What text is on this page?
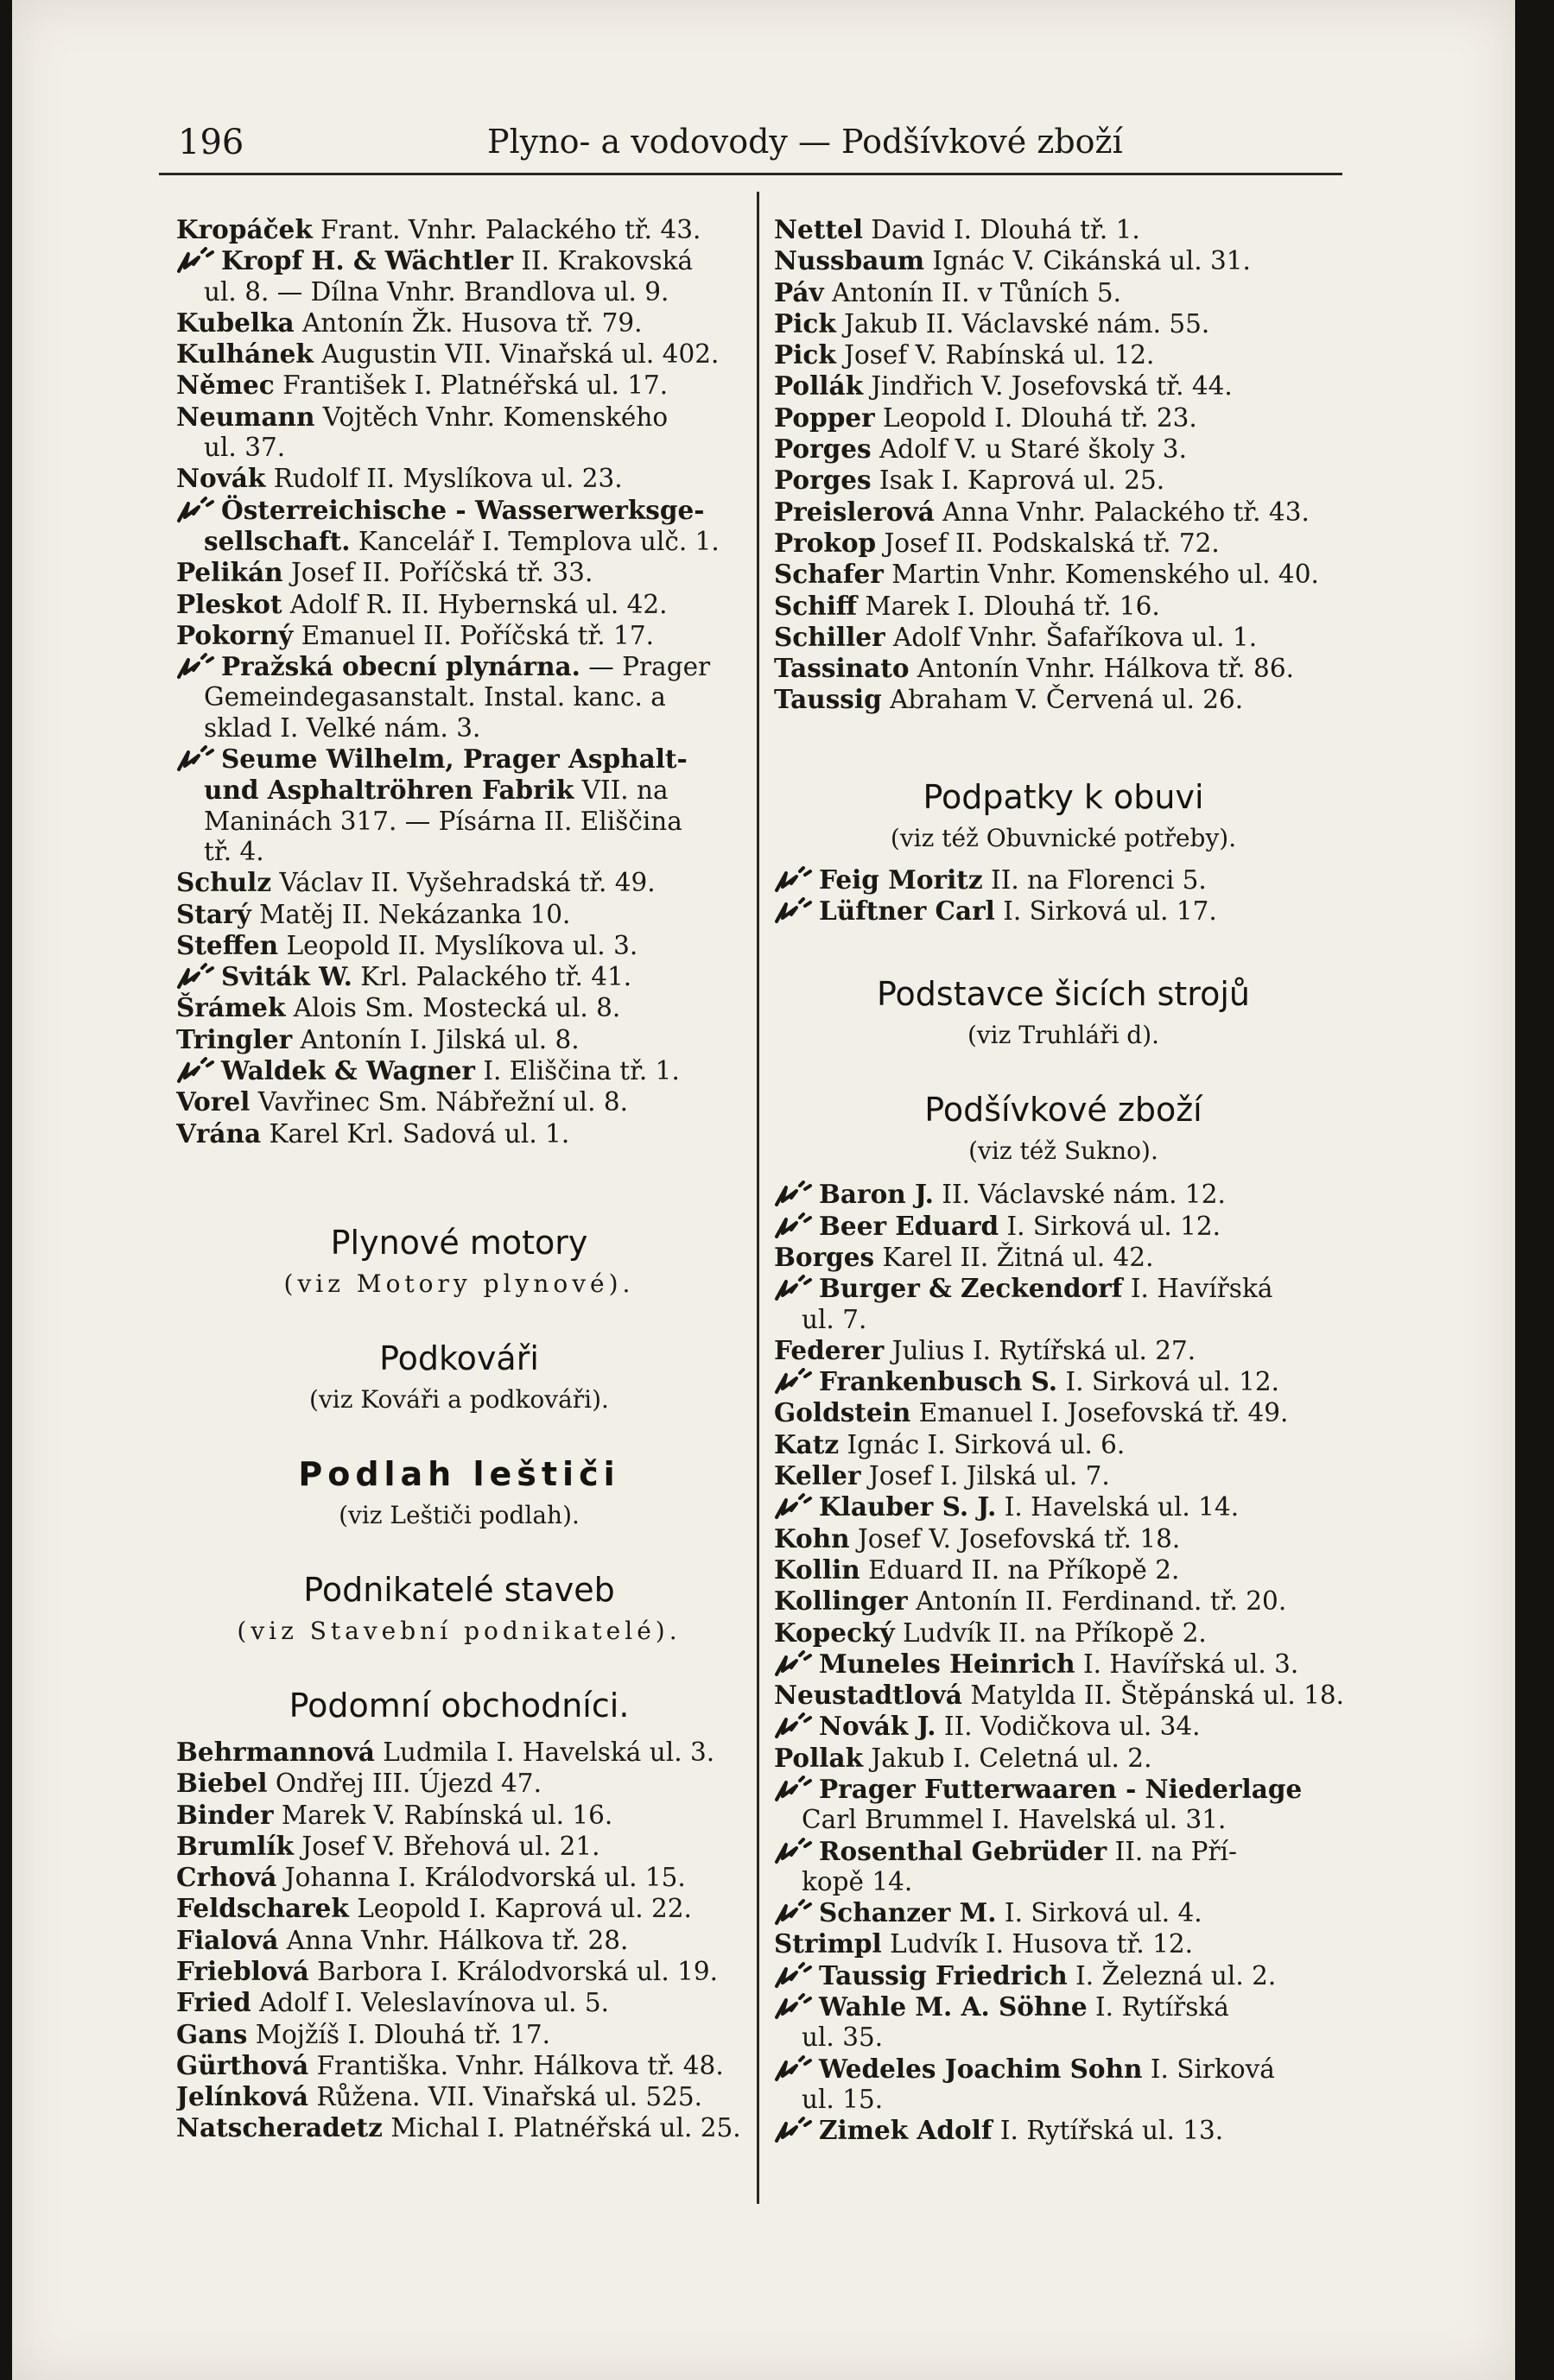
196	Plyno- a vodovody — Podšívkové zboží
Kropáček Frant. Vnhr. Palackého tř. 43.
Kropf H. & Wächtler II. Krakovská
ul. 8. — Dílna Vnhr. Brandlova ul. 9.
Kubelka Antonín Žk. Husova tř. 79.
Kulhánek Augustin VII. Vinařská ul. 402.
Němec František I. Platnéřská ul. 17.
Neumann Vojtěch Vnhr. Komenského
ul. 37.
Novák Rudolf II. Myslíkova ul. 23.
Österreichische - Wasserwerksge-
sellschaft. Kancelář I. Templova ulč. 1.
Pelikán Josef II. Poříčská tř. 33.
Pleskot Adolf R. II. Hybernská ul. 42.
Pokorný Emanuel II. Poříčská tř. 17.
Pražská obecní plynárna. — Prager
Gemeindegasanstalt. Instal. kanc. a
sklad I. Velké nám. 3.
Seume Wilhelm, Prager Asphalt-
und Asphaltröhren Fabrik VII. na
Maninách 317. — Písárna II. Eliščina
tř. 4.
Schulz Václav II. Vyšehradská tř. 49.
Starý Matěj II. Nekázanka 10.
Steffen Leopold II. Myslíkova ul. 3.
Sviták W. Krl. Palackého tř. 41.
Šrámek Alois Sm. Mostecká ul. 8.
Tringler Antonín I. Jilská ul. 8.
Waldek & Wagner I. Eliščina tř. 1.
Vorel Vavřinec Sm. Nábřežní ul. 8.
Vrána Karel Krl. Sadová ul. 1.
Plynové motory
(viz Motory plynové).
Podkováři
(viz Kováři a podkováři).
Podlah leštiči
(viz Leštiči podlah).
Podnikatelé staveb
(viz Stavební podnikatelé).
Podomní obchodníci.
Behrmannová Ludmila I. Havelská ul. 3.
Biebel Ondřej III. Újezd 47.
Binder Marek V. Rabínská ul. 16.
Brumlík Josef V. Břehová ul. 21.
Crhová Johanna I. Králodvorská ul. 15.
Feldscharek Leopold I. Kaprová ul. 22.
Fialová Anna Vnhr. Hálkova tř. 28.
Frieblová Barbora I. Králodvorská ul. 19.
Fried Adolf I. Veleslavínova ul. 5.
Gans Mojžíš I. Dlouhá tř. 17.
Gürthová Františka. Vnhr. Hálkova tř. 48.
Jelínková Růžena. VII. Vinařská ul. 525.
Natscheradetz Michal I. Platnéřská ul. 25.
Nettel David I. Dlouhá tř. 1.
Nussbaum Ignác V. Cikánská ul. 31.
Páv Antonín II. v Tůních 5.
Pick Jakub II. Václavské nám. 55.
Pick Josef V. Rabínská ul. 12.
Pollák Jindřich V. Josefovská tř. 44.
Popper Leopold I. Dlouhá tř. 23.
Porges Adolf V. u Staré školy 3.
Porges Isak I. Kaprová ul. 25.
Preislerová Anna Vnhr. Palackého tř. 43.
Prokop Josef II. Podskalská tř. 72.
Schafer Martin Vnhr. Komenského ul. 40.
Schiff Marek I. Dlouhá tř. 16.
Schiller Adolf Vnhr. Šafaříkova ul. 1.
Tassinato Antonín Vnhr. Hálkova tř. 86.
Taussig Abraham V. Červená ul. 26.
Podpatky k obuvi
(viz též Obuvnické potřeby).
Feig Moritz II. na Florenci 5.
Lüftner Carl I. Sirková ul. 17.
Podstavce šicích strojů
(viz Truhláři d).
Podšívkové zboží
(viz též Sukno).
Baron J. II. Václavské nám. 12.
Beer Eduard I. Sirková ul. 12.
Borges Karel II. Žitná ul. 42.
Burger & Zeckendorf I. Havířská
ul. 7.
Federer Julius I. Rytířská ul. 27.
Frankenbusch S. I. Sirková ul. 12.
Goldstein Emanuel I. Josefovská tř. 49.
Katz Ignác I. Sirková ul. 6.
Keller Josef I. Jilská ul. 7.
Klauber S. J. I. Havelská ul. 14.
Kohn Josef V. Josefovská tř. 18.
Kollin Eduard II. na Příkopě 2.
Kollinger Antonín II. Ferdinand. tř. 20.
Kopecký Ludvík II. na Příkopě 2.
Muneles Heinrich I. Havířská ul. 3.
Neustadtlová Matylda II. Štěpánská ul. 18.
Novák J. II. Vodičkova ul. 34.
Pollak Jakub I. Celetná ul. 2.
Prager Futterwaaren - Niederlage
Carl Brummel I. Havelská ul. 31.
Rosenthal Gebrüder II. na Pří-
kopě 14.
Schanzer M. I. Sirková ul. 4.
Strimpl Ludvík I. Husova tř. 12.
Taussig Friedrich I. Železná ul. 2.
Wahle M. A. Söhne I. Rytířská
ul. 35.
Wedeles Joachim Sohn I. Sirková
ul. 15.
Zimek Adolf I. Rytířská ul. 13.
